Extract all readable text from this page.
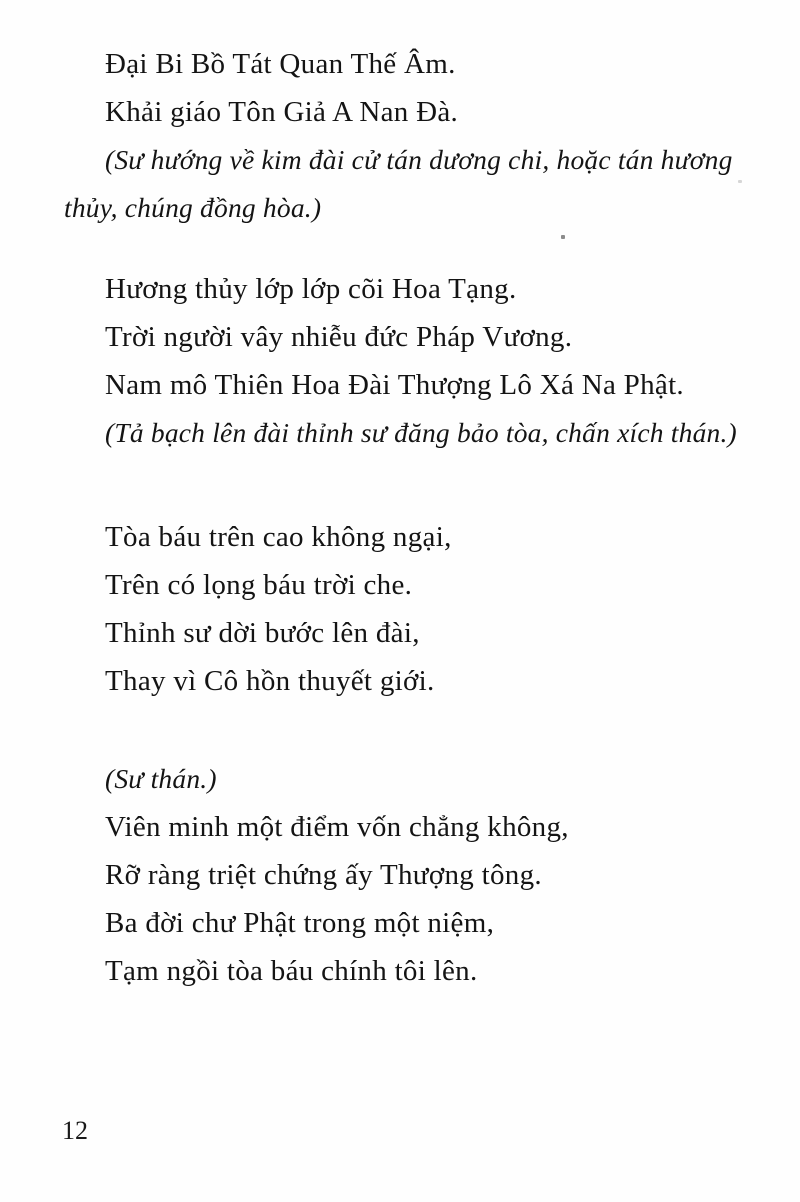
Đại Bi Bồ Tát Quan Thế Âm.

Khải giáo Tôn Giả A Nan Đà.

(Sư hướng về kim đài cử tán dương chi, hoặc tán hương

thủy, chúng đồng hòa.)

Hương thủy lớp lớp cõi Hoa Tạng.

Trời người vây nhiễu đức Pháp Vương.

Nam mô Thiên Hoa Đài Thượng Lô Xá Na Phật.

(Tả bạch lên đài thỉnh sư đăng bảo tòa, chấn xích thán.)

Tòa báu trên cao không ngại,

Trên có lọng báu trời che.

Thỉnh sư dời bước lên đài,

Thay vì Cô hồn thuyết giới.

(Sư thán.)

Viên minh một điểm vốn chẳng không,

Rỡ ràng triệt chứng ấy Thượng tông.

Ba đời chư Phật trong một niệm,

Tạm ngồi tòa báu chính tôi lên.

12
